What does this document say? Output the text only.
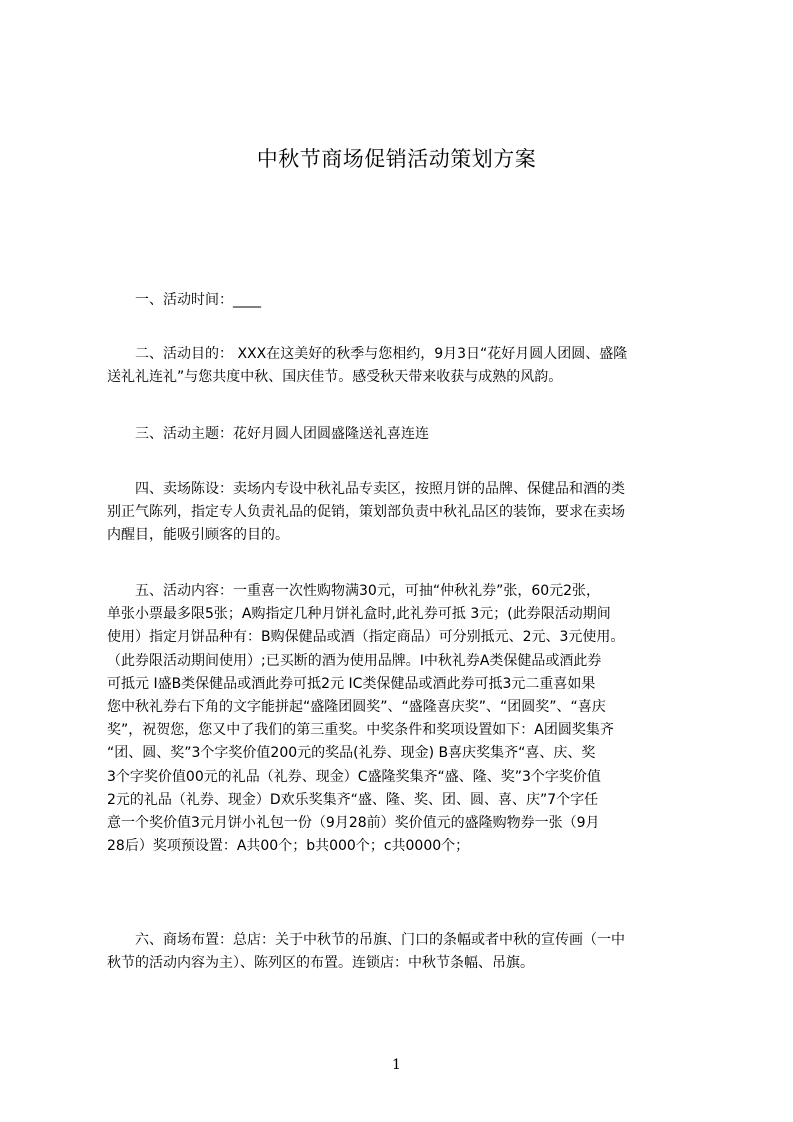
中秋节商场促销活动策划方案
　　一、活动时间：____
　　二、活动目的： XXX在这美好的秋季与您相约，9月3日“花好月圆人团圆、盛隆
送礼礼连礼”与您共度中秋、国庆佳节。感受秋天带来收获与成熟的风韵。
　　三、活动主题：花好月圆人团圆盛隆送礼喜连连
　　四、卖场陈设：卖场内专设中秋礼品专卖区，按照月饼的品牌、保健品和酒的类
别正气陈列，指定专人负责礼品的促销，策划部负责中秋礼品区的装饰，要求在卖场
内醒目，能吸引顾客的目的。
　　五、活动内容：一重喜一次性购物满30元，可抽“仲秋礼券”张，60元2张，
单张小票最多限5张；A购指定几种月饼礼盒时,此礼券可抵 3元；(此券限活动期间
使用）指定月饼品种有：B购保健品或酒（指定商品）可分别抵元、2元、3元使用。
（此券限活动期间使用）;已买断的酒为使用品牌。I中秋礼券A类保健品或酒此券
可抵元 I盛B类保健品或酒此券可抵2元 IC类保健品或酒此券可抵3元二重喜如果
您中秋礼券右下角的文字能拼起“盛隆团圆奖”、“盛隆喜庆奖”、“团圆奖”、“喜庆
奖”，祝贺您，您又中了我们的第三重奖。中奖条件和奖项设置如下：A团圆奖集齐
“团、圆、奖”3个字奖价值200元的奖品(礼券、现金) B喜庆奖集齐“喜、庆、奖
3个字奖价值00元的礼品（礼券、现金）C盛隆奖集齐“盛、隆、奖”3个字奖价值
2元的礼品（礼券、现金）D欢乐奖集齐“盛、隆、奖、团、圆、喜、庆”7个字任
意一个奖价值3元月饼小礼包一份（9月28前）奖价值元的盛隆购物券一张（9月
28后）奖项预设置：A共00个；b共000个；c共0000个；
　　六、商场布置：总店：关于中秋节的吊旗、门口的条幅或者中秋的宣传画（一中
秋节的活动内容为主）、陈列区的布置。连锁店：中秋节条幅、吊旗。
1
